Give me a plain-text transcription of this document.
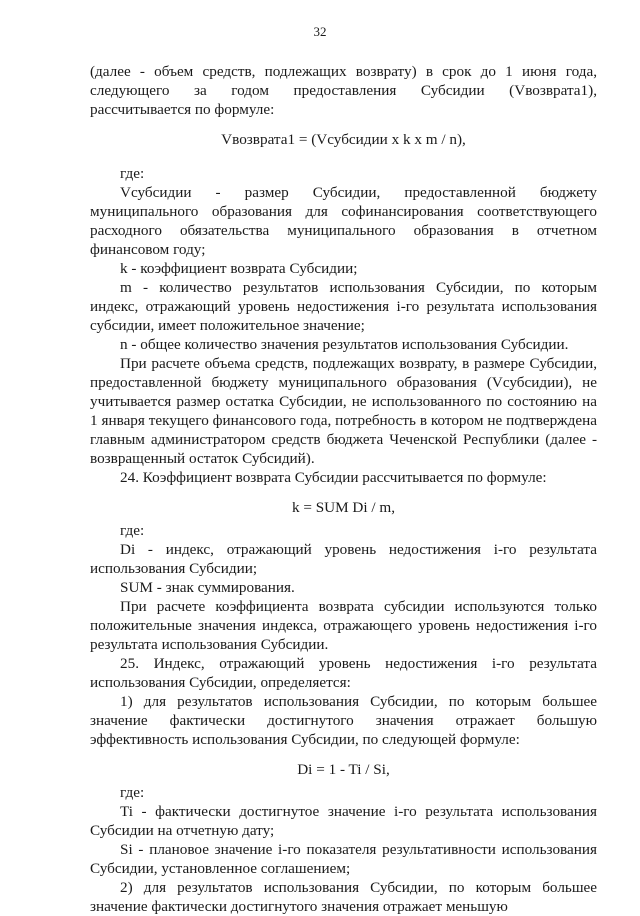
32

(далее - объем средств, подлежащих возврату) в срок до 1 июня года, следующего за годом предоставления Субсидии (Vвозврата1), рассчитывается по формуле:

Vвозврата1 = (Vсубсидии x k x m / n),

где:

Vсубсидии - размер Субсидии, предоставленной бюджету муниципального образования для софинансирования соответствующего расходного обязательства муниципального образования в отчетном финансовом году;

k - коэффициент возврата Субсидии;

m - количество результатов использования Субсидии, по которым индекс, отражающий уровень недостижения i-го результата использования субсидии, имеет положительное значение;

n - общее количество значения результатов использования Субсидии.

При расчете объема средств, подлежащих возврату, в размере Субсидии, предоставленной бюджету муниципального образования (Vсубсидии), не учитывается размер остатка Субсидии, не использованного по состоянию на 1 января текущего финансового года, потребность в котором не подтверждена главным администратором средств бюджета Чеченской Республики (далее - возвращенный остаток Субсидий).

24. Коэффициент возврата Субсидии рассчитывается по формуле:

k = SUM Di / m,

где:

Di - индекс, отражающий уровень недостижения i-го результата использования Субсидии;

SUM - знак суммирования.

При расчете коэффициента возврата субсидии используются только положительные значения индекса, отражающего уровень недостижения i-го результата использования Субсидии.

25. Индекс, отражающий уровень недостижения i-го результата использования Субсидии, определяется:

1) для результатов использования Субсидии, по которым большее значение фактически достигнутого значения отражает большую эффективность использования Субсидии, по следующей формуле:

Di = 1 - Ti / Si,

где:

Ti - фактически достигнутое значение i-го результата использования Субсидии на отчетную дату;

Si - плановое значение i-го показателя результативности использования Субсидии, установленное соглашением;

2) для результатов использования Субсидии, по которым большее значение фактически достигнутого значения отражает меньшую
